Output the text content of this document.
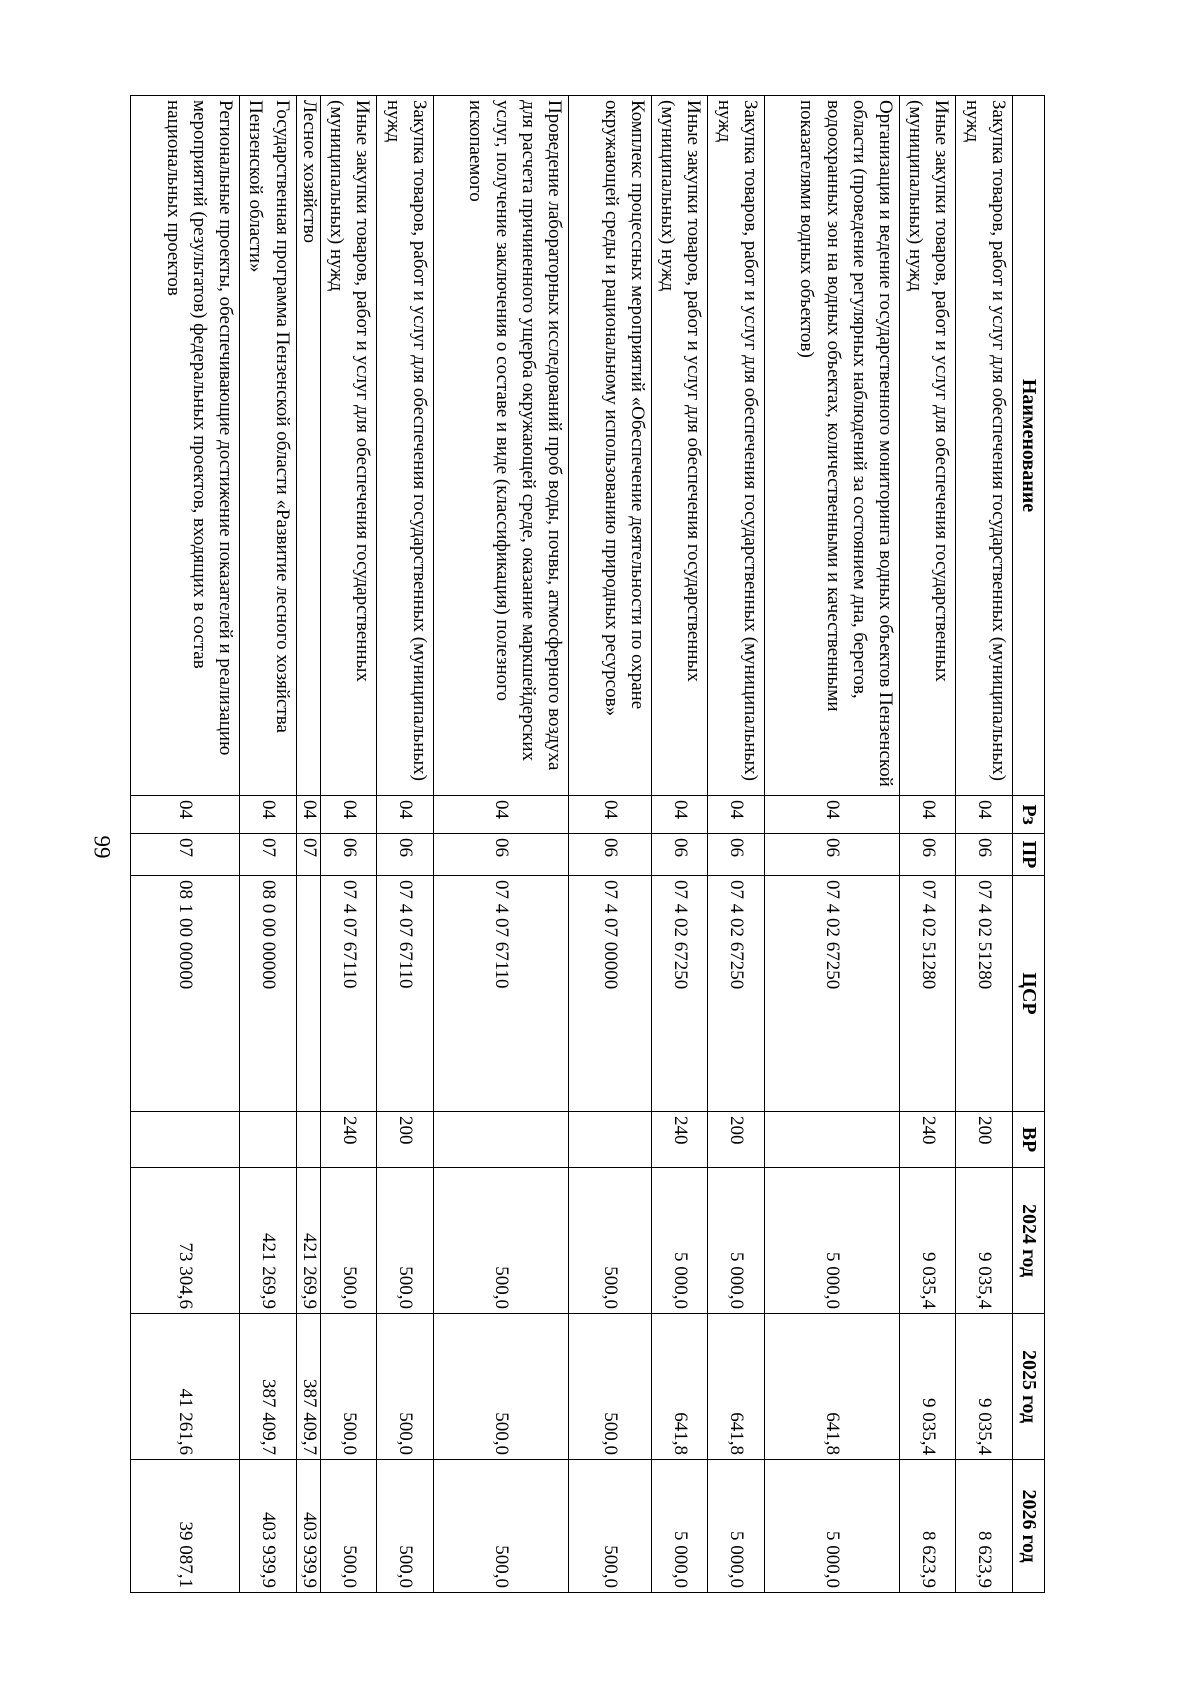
99
Наименование	Рз	ПР	ЦСР	ВР	2024 год	2025 год	2026 год
Закупка товаров, работ и услуг для обеспечения государственных (муниципальных) нужд	04	06	07 4 02 51280	200	9 035,4	9 035,4	8 623,9
Иные закупки товаров, работ и услуг для обеспечения государственных (муниципальных) нужд	04	06	07 4 02 51280	240	9 035,4	9 035,4	8 623,9
Организация и ведение государственного мониторинга водных объектов Пензенской области (проведение регулярных наблюдений за состоянием дна, берегов, водоохранных зон на водных объектах, количественными и качественными показателями водных объектов)	04	06	07 4 02 67250		5 000,0	641,8	5 000,0
Закупка товаров, работ и услуг для обеспечения государственных (муниципальных) нужд	04	06	07 4 02 67250	200	5 000,0	641,8	5 000,0
Иные закупки товаров, работ и услуг для обеспечения государственных (муниципальных) нужд	04	06	07 4 02 67250	240	5 000,0	641,8	5 000,0
Комплекс процессных мероприятий «Обеспечение деятельности по охране окружающей среды и рациональному использованию природных ресурсов»	04	06	07 4 07 00000		500,0	500,0	500,0
Проведение лабораторных исследований проб воды, почвы, атмосферного воздуха для расчета причиненного ущерба окружающей среде, оказание маркшейдерских услуг, получение заключения о составе и виде (классификация) полезного ископаемого	04	06	07 4 07 67110		500,0	500,0	500,0
Закупка товаров, работ и услуг для обеспечения государственных (муниципальных) нужд	04	06	07 4 07 67110	200	500,0	500,0	500,0
Иные закупки товаров, работ и услуг для обеспечения государственных (муниципальных) нужд	04	06	07 4 07 67110	240	500,0	500,0	500,0
Лесное хозяйство	04	07			421 269,9	387 409,7	403 939,9
Государственная программа Пензенской области «Развитие лесного хозяйства Пензенской области»	04	07	08 0 00 00000		421 269,9	387 409,7	403 939,9
Региональные проекты, обеспечивающие достижение показателей и реализацию мероприятий (результатов) федеральных проектов, входящих в состав национальных проектов	04	07	08 1 00 00000		73 304,6	41 261,6	39 087,1
